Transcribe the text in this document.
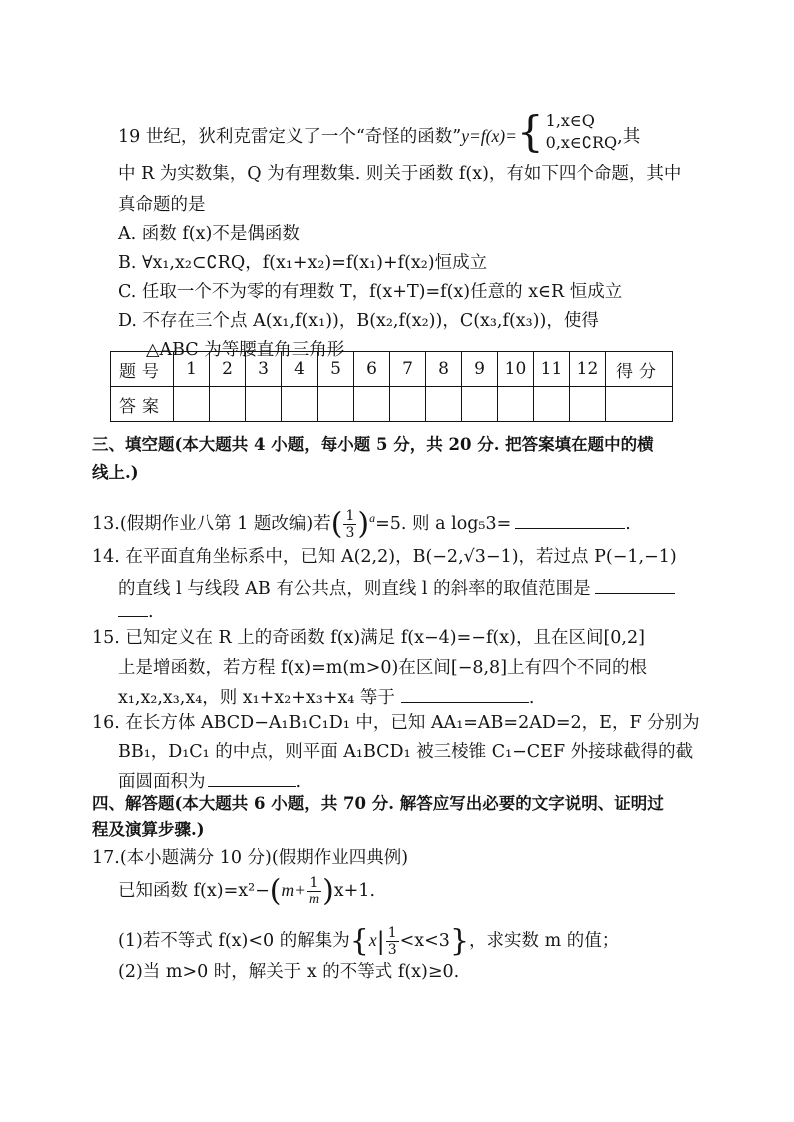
19 世纪，狄利克雷定义了一个“奇怪的函数”y=f(x)= { 1,x∈Q
0,x∈∁RQ ,其
中 R 为实数集，Q 为有理数集. 则关于函数 f(x)，有如下四个命题，其中
真命题的是
A. 函数 f(x)不是偶函数
B. ∀x₁,x₂⊂∁RQ，f(x₁+x₂)=f(x₁)+f(x₂)恒成立
C. 任取一个不为零的有理数 T，f(x+T)=f(x)任意的 x∈R 恒成立
D. 不存在三个点 A(x₁,f(x₁))，B(x₂,f(x₂))，C(x₃,f(x₃))，使得
△ABC 为等腰直角三角形
题号	1	2	3	4	5	6	7	8	9	10	11	12	得分
答案													
三、填空题(本大题共 4 小题，每小题 5 分，共 20 分. 把答案填在题中的横
线上.)
13.(假期作业八第 1 题改编)若( $\frac{1}{3} )^a=5$. 则 a log₅3=	.
14. 在平面直角坐标系中，已知 A(2,2)，B(−2,√3−1)，若过点 P(−1,−1)
的直线 l 与线段 AB 有公共点，则直线 l 的斜率的取值范围是
.
15. 已知定义在 R 上的奇函数 f(x)满足 f(x−4)=−f(x)，且在区间[0,2]
上是增函数，若方程 f(x)=m(m>0)在区间[−8,8]上有四个不同的根
x₁,x₂,x₃,x₄，则 x₁+x₂+x₃+x₄ 等于	.
16. 在长方体 ABCD−A₁B₁C₁D₁ 中，已知 AA₁=AB=2AD=2，E，F 分别为
BB₁，D₁C₁ 的中点，则平面 A₁BCD₁ 被三棱锥 C₁−CEF 外接球截得的截
面圆面积为	.
四、解答题(本大题共 6 小题，共 70 分. 解答应写出必要的文字说明、证明过
程及演算步骤.)
17.(本小题满分 10 分)(假期作业四典例)
已知函数 $f(x)=x^2-(m+ \frac{1}{m} )x+1$.
(1)若不等式 f(x)<0 的解集为$\{x| \frac{1}{3} <x<3\}$，求实数 m 的值；
(2)当 m>0 时，解关于 x 的不等式 f(x)≥0.
